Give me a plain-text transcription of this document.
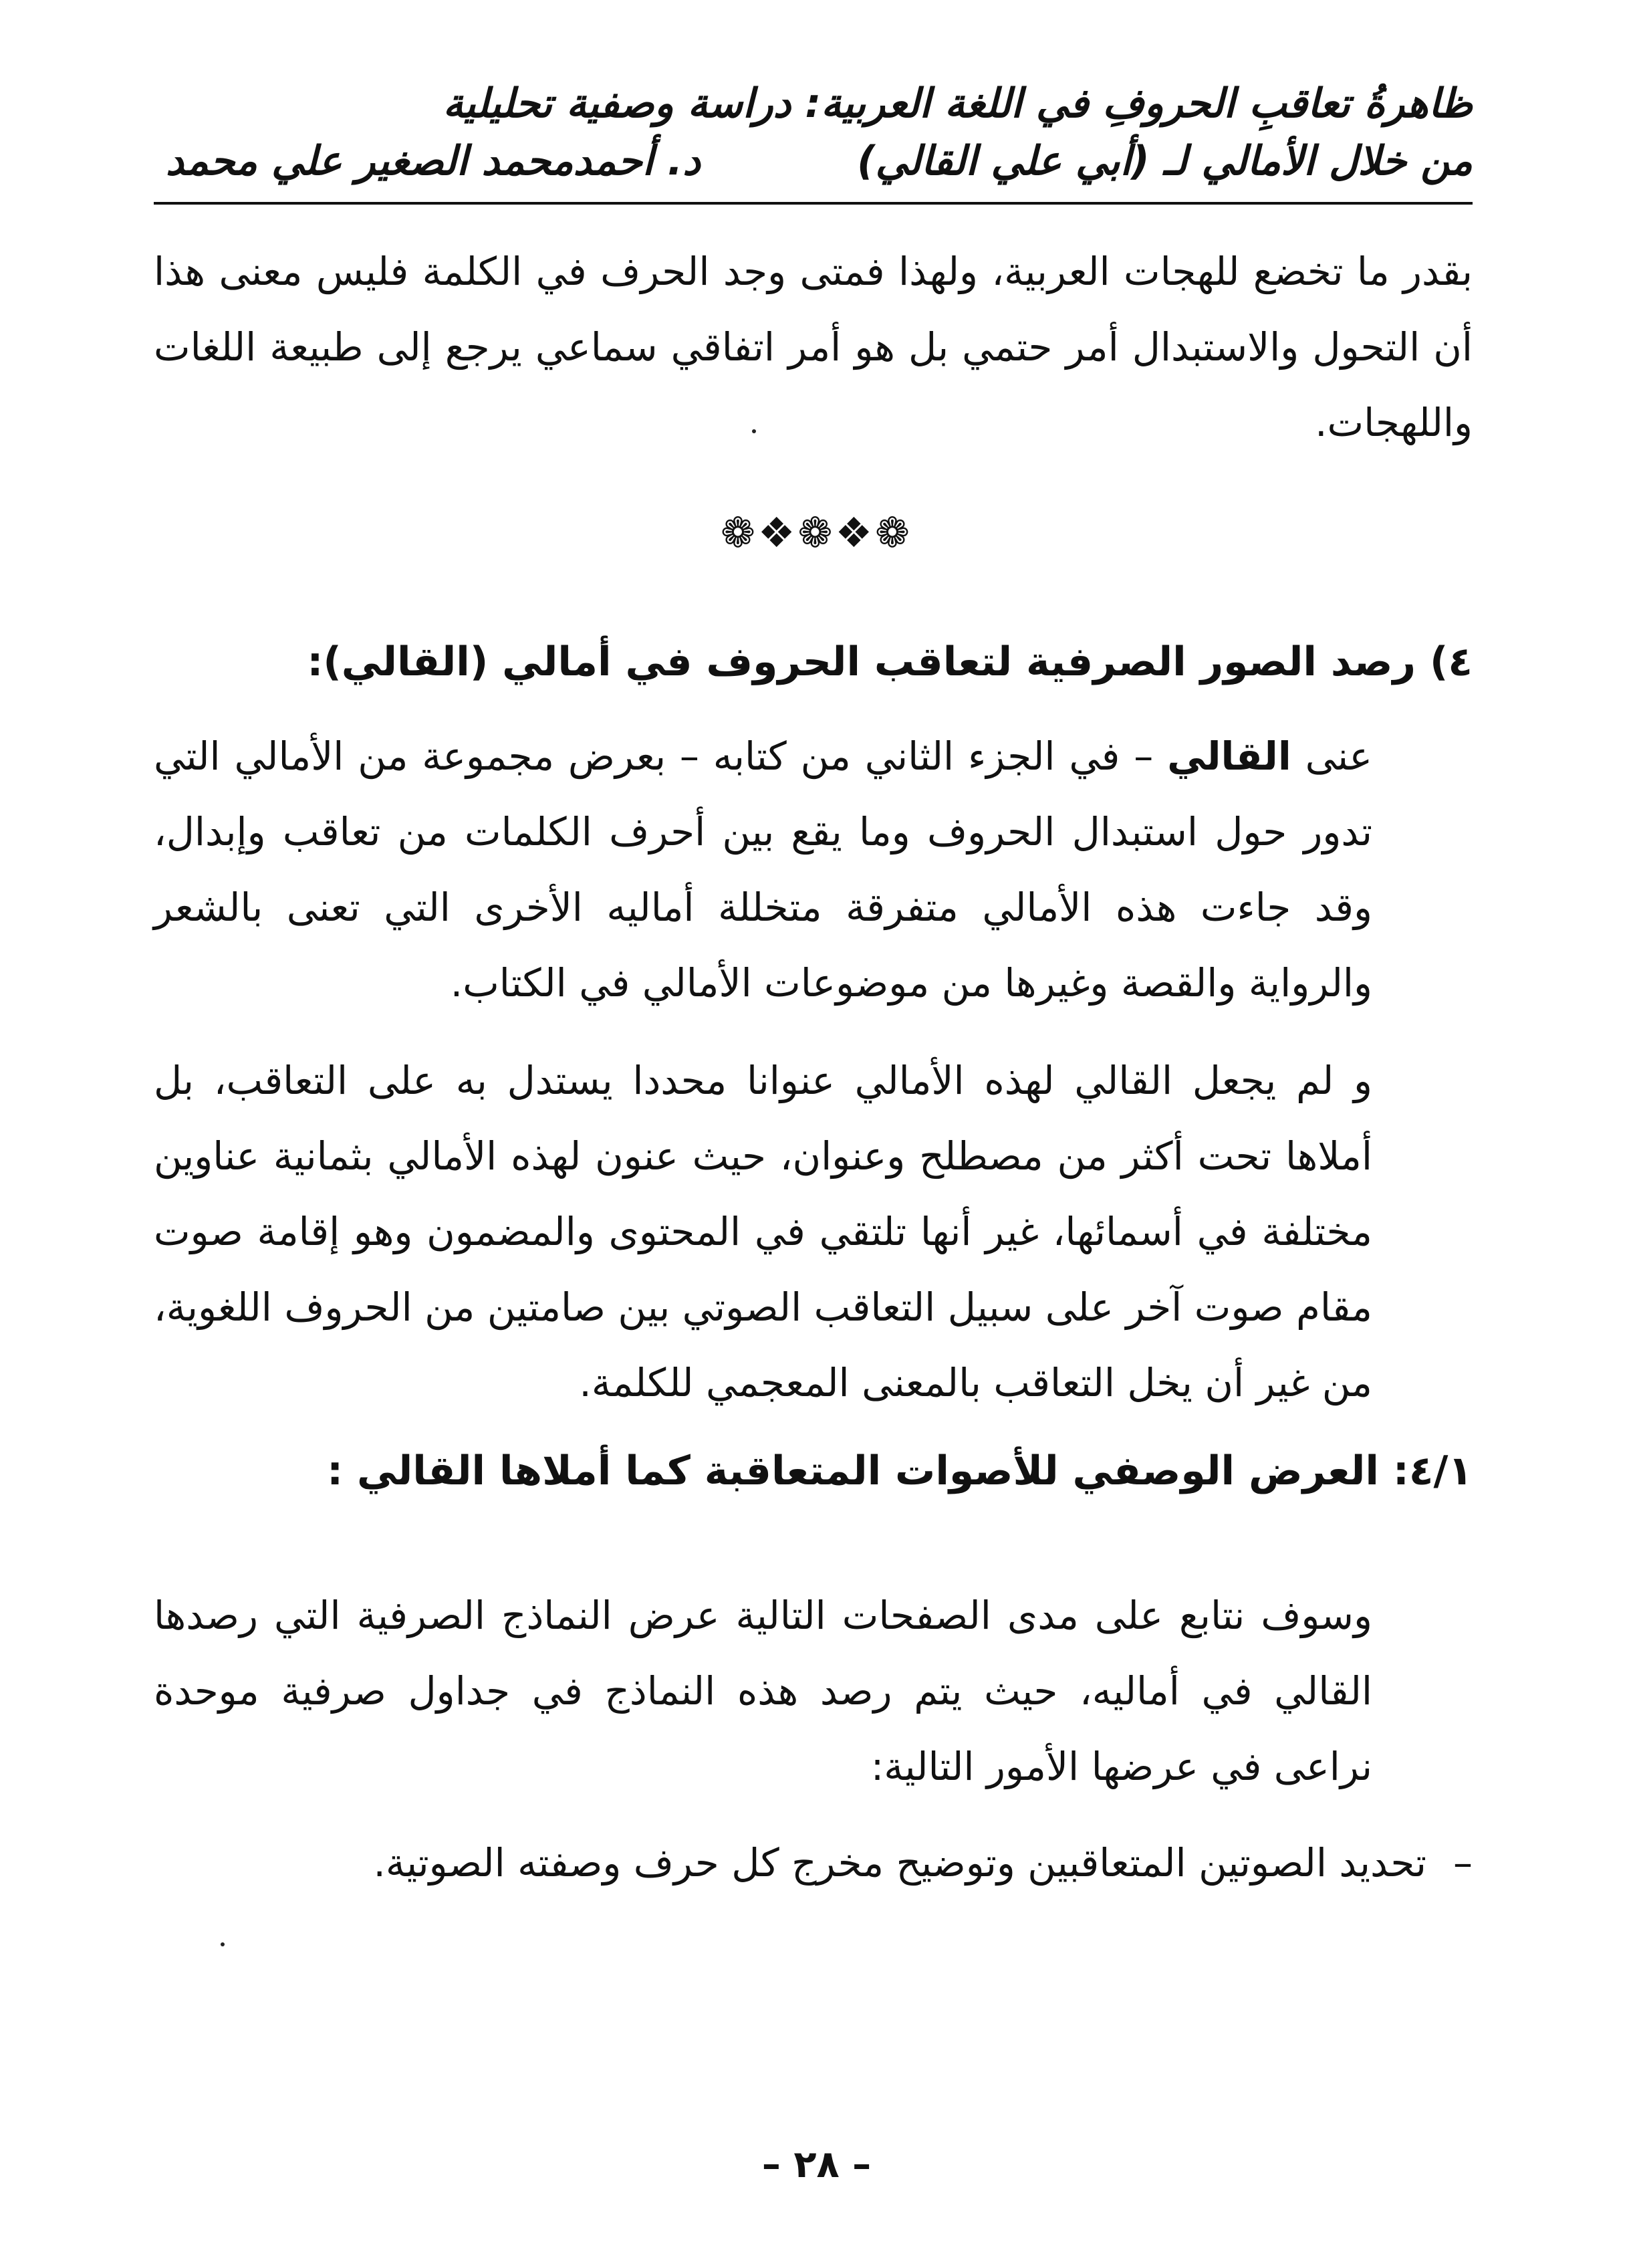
ظاهرةُ تعاقبِ الحروفِ في اللغة العربية: دراسة وصفية تحليلية
من خلال الأمالي لـ (أبي علي القالي)
د. أحمدمحمد الصغير علي محمد

بقدر ما تخضع للهجات العربية، ولهذا فمتى وجد الحرف في الكلمة فليس معنى هذا أن التحول والاستبدال أمر حتمي بل هو أمر اتفاقي سماعي يرجع إلى طبيعة اللغات واللهجات.

❁❖❁❖❁
٤) رصد الصور الصرفية لتعاقب الحروف في أمالي (القالي):

عنى القالي – في الجزء الثاني من كتابه – بعرض مجموعة من الأمالي التي تدور حول استبدال الحروف وما يقع بين أحرف الكلمات من تعاقب وإبدال، وقد جاءت هذه الأمالي متفرقة متخللة أماليه الأخرى التي تعنى بالشعر والرواية والقصة وغيرها من موضوعات الأمالي في الكتاب.

و لم يجعل القالي لهذه الأمالي عنوانا محددا يستدل به على التعاقب، بل أملاها تحت أكثر من مصطلح وعنوان، حيث عنون لهذه الأمالي بثمانية عناوين مختلفة في أسمائها، غير أنها تلتقي في المحتوى والمضمون وهو إقامة صوت مقام صوت آخر على سبيل التعاقب الصوتي بين صامتين من الحروف اللغوية، من غير أن يخل التعاقب بالمعنى المعجمي للكلمة.

٤/١: العرض الوصفي للأصوات المتعاقبة كما أملاها القالي :

وسوف نتابع على مدى الصفحات التالية عرض النماذج الصرفية التي رصدها القالي في أماليه، حيث يتم رصد هذه النماذج في جداول صرفية موحدة نراعى في عرضها الأمور التالية:

–تحديد الصوتين المتعاقبين وتوضيح مخرج كل حرف وصفته الصوتية.
– ٢٨ –
